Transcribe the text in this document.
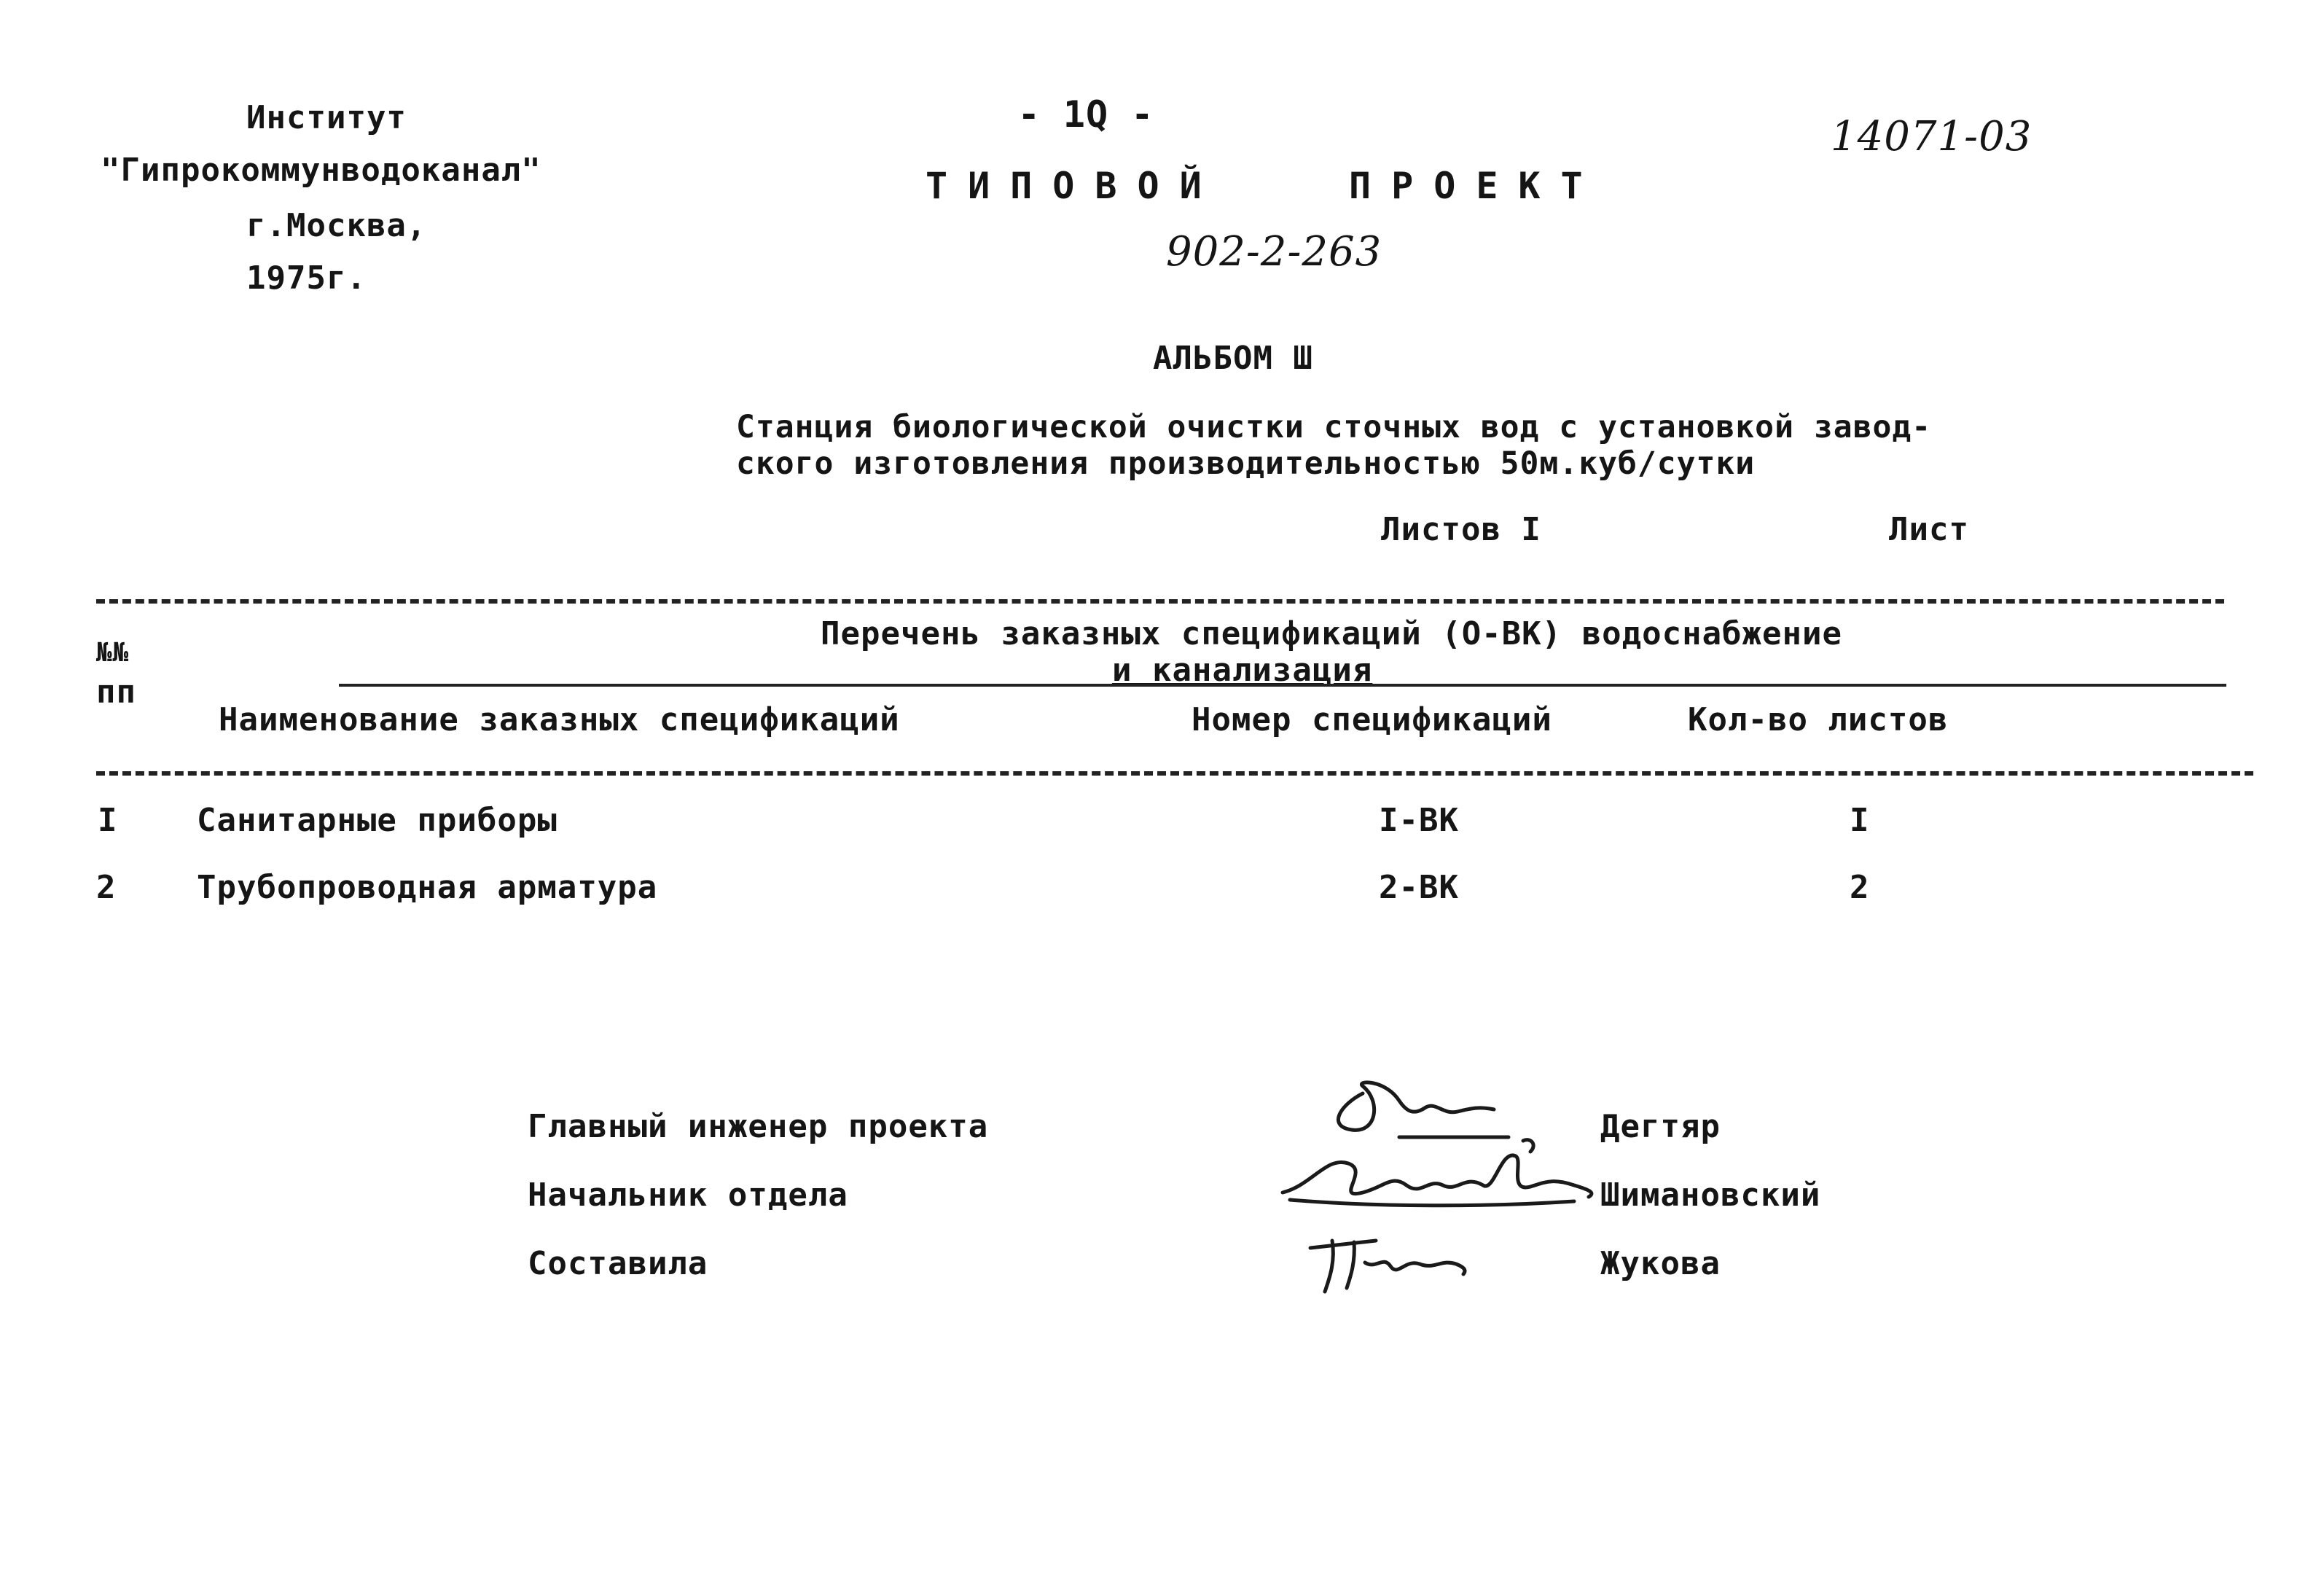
Институт
"Гипрокоммунводоканал"
г.Москва,
1975г.
- 1Q -
ТИПОВОЙ   ПРОЕКТ
902-2-263
14071-03
АЛЬБОМ Ш
Станция биологической очистки сточных вод с установкой завод-
ского изготовления производительностью 50м.куб/сутки
Листов I	Лист
№№
пп
Перечень заказных спецификаций (О-ВК) водоснабжение
и канализация
Наименование заказных спецификаций	Номер спецификаций	Кол-во листов
I Санитарные приборы	I-ВК	I
2	Трубопроводная арматура	2-ВК	2
Главный инженер проекта
Начальник отдела
Составила
Дегтяр
Шимановский
Жукова
